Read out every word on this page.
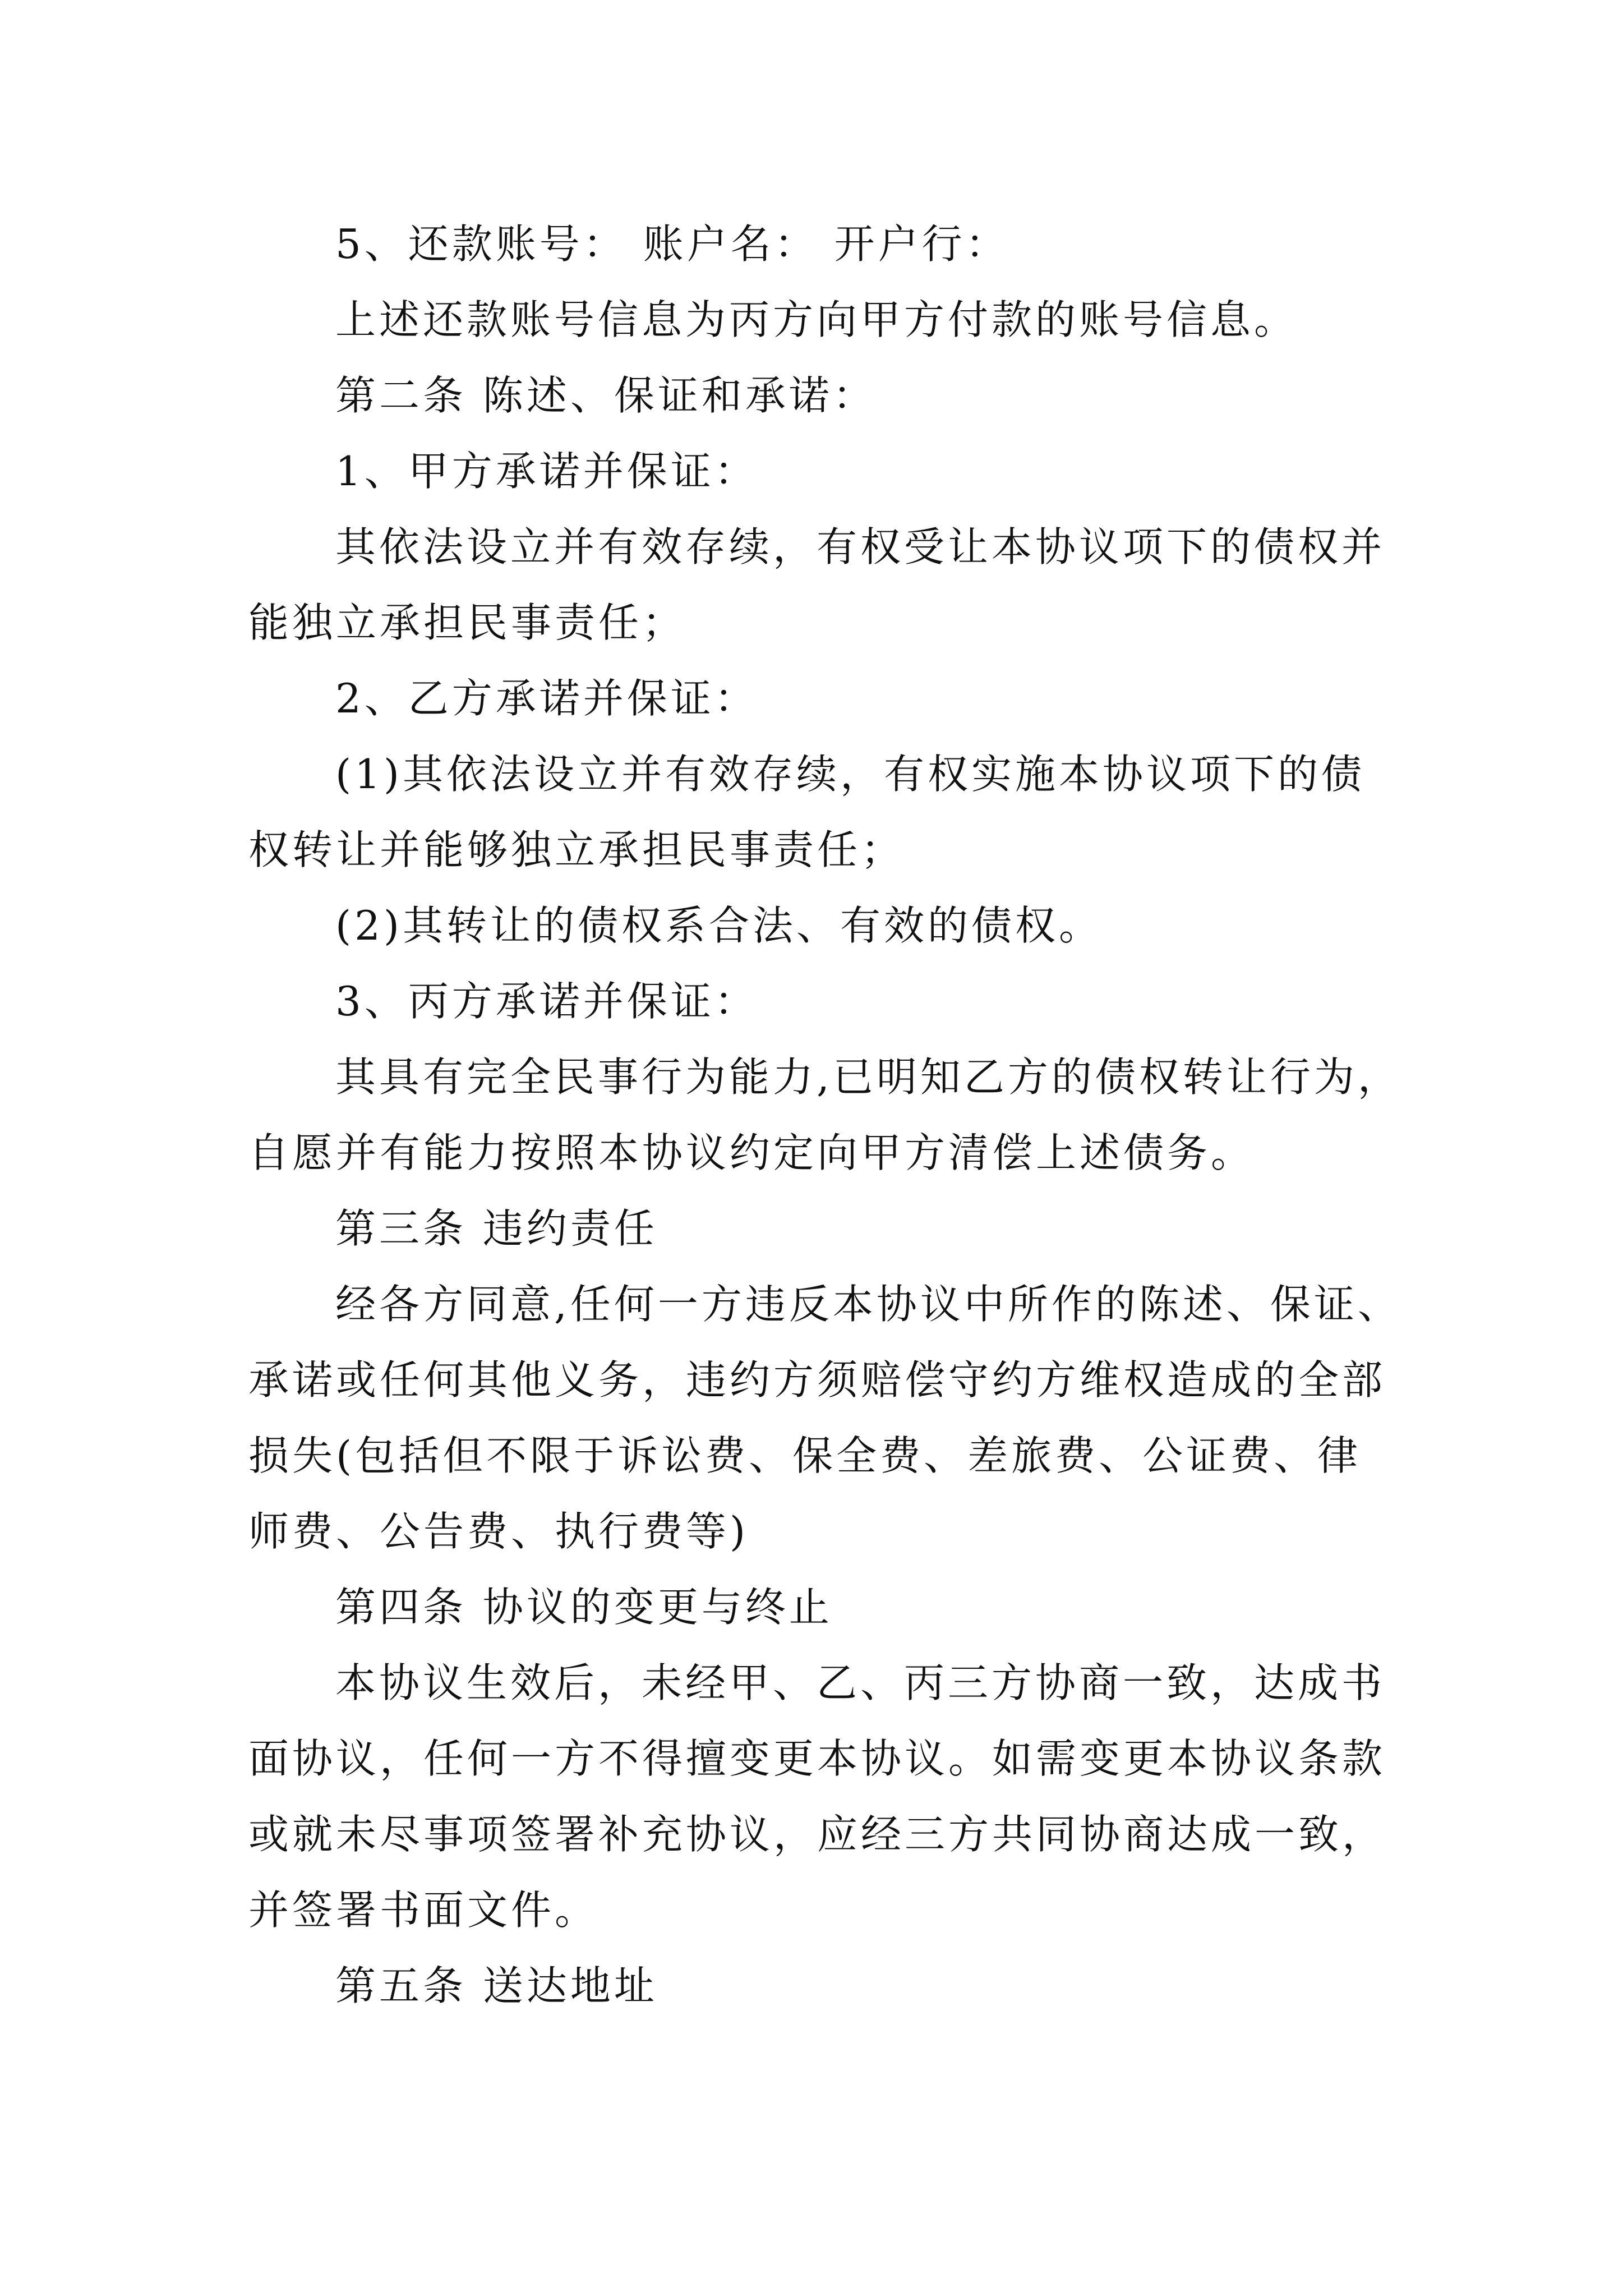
5、还款账号： 账户名： 开户行：
上述还款账号信息为丙方向甲方付款的账号信息。
第二条 陈述、保证和承诺：
1、甲方承诺并保证：
其依法设立并有效存续，有权受让本协议项下的债权并
能独立承担民事责任；
2、乙方承诺并保证：
(1)其依法设立并有效存续，有权实施本协议项下的债
权转让并能够独立承担民事责任；
(2)其转让的债权系合法、有效的债权。
3、丙方承诺并保证：
其具有完全民事行为能力,已明知乙方的债权转让行为，
自愿并有能力按照本协议约定向甲方清偿上述债务。
第三条 违约责任
经各方同意,任何一方违反本协议中所作的陈述、保证、
承诺或任何其他义务，违约方须赔偿守约方维权造成的全部
损失(包括但不限于诉讼费、保全费、差旅费、公证费、律
师费、公告费、执行费等)
第四条 协议的变更与终止
本协议生效后，未经甲、乙、丙三方协商一致，达成书
面协议，任何一方不得擅变更本协议。如需变更本协议条款
或就未尽事项签署补充协议，应经三方共同协商达成一致，
并签署书面文件。
第五条 送达地址
